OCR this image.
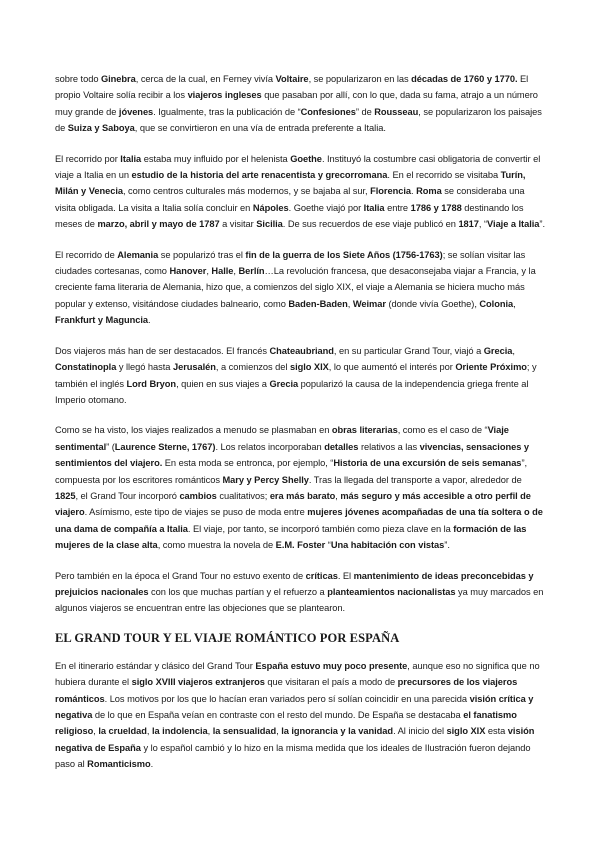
sobre todo Ginebra, cerca de la cual, en Ferney vivía Voltaire, se popularizaron en las décadas de 1760 y 1770. El propio Voltaire solía recibir a los viajeros ingleses que pasaban por allí, con lo que, dada su fama, atrajo a un número muy grande de jóvenes. Igualmente, tras la publicación de “Confesiones” de Rousseau, se popularizaron los paisajes de Suiza y Saboya, que se convirtieron en una vía de entrada preferente a Italia.

El recorrido por Italia estaba muy influido por el helenista Goethe. Instituyó la costumbre casi obligatoria de convertir el viaje a Italia en un estudio de la historia del arte renacentista y grecorromana. En el recorrido se visitaba Turín, Milán y Venecia, como centros culturales más modernos, y se bajaba al sur, Florencia. Roma se consideraba una visita obligada. La visita a Italia solía concluir en Nápoles. Goethe viajó por Italia entre 1786 y 1788 destinando los meses de marzo, abril y mayo de 1787 a visitar Sicilia. De sus recuerdos de ese viaje publicó en 1817, “Viaje a Italia”.

El recorrido de Alemania se popularizó tras el fin de la guerra de los Siete Años (1756-1763); se solían visitar las ciudades cortesanas, como Hanover, Halle, Berlín…La revolución francesa, que desaconsejaba viajar a Francia, y la creciente fama literaria de Alemania, hizo que, a comienzos del siglo XIX, el viaje a Alemania se hiciera mucho más popular y extenso, visitándose ciudades balneario, como Baden-Baden, Weimar (donde vivía Goethe), Colonia, Frankfurt y Maguncia.

Dos viajeros más han de ser destacados. El francés Chateaubriand, en su particular Grand Tour, viajó a Grecia, Constatinopla y llegó hasta Jerusalén, a comienzos del siglo XIX, lo que aumentó el interés por Oriente Próximo; y también el inglés Lord Bryon, quien en sus viajes a Grecia popularizó la causa de la independencia griega frente al Imperio otomano.

Como se ha visto, los viajes realizados a menudo se plasmaban en obras literarias, como es el caso de “Viaje sentimental” (Laurence Sterne, 1767). Los relatos incorporaban detalles relativos a las vivencias, sensaciones y sentimientos del viajero. En esta moda se entronca, por ejemplo, “Historia de una excursión de seis semanas”, compuesta por los escritores románticos Mary y Percy Shelly. Tras la llegada del transporte a vapor, alrededor de 1825, el Grand Tour incorporó cambios cualitativos; era más barato, más seguro y más accesible a otro perfil de viajero. Asímismo, este tipo de viajes se puso de moda entre mujeres jóvenes acompañadas de una tía soltera o de una dama de compañía a Italia. El viaje, por tanto, se incorporó también como pieza clave en la formación de las mujeres de la clase alta, como muestra la novela de E.M. Foster “Una habitación con vistas”.

Pero también en la época el Grand Tour no estuvo exento de críticas. El mantenimiento de ideas preconcebidas y prejuicios nacionales con los que muchas partían y el refuerzo a planteamientos nacionalistas ya muy marcados en algunos viajeros se encuentran entre las objeciones que se plantearon.

EL GRAND TOUR Y EL VIAJE ROMÁNTICO POR ESPAÑA

En el itinerario estándar y clásico del Grand Tour España estuvo muy poco presente, aunque eso no significa que no hubiera durante el siglo XVIII viajeros extranjeros que visitaran el país a modo de precursores de los viajeros románticos. Los motivos por los que lo hacían eran variados pero sí solían coincidir en una parecida visión crítica y negativa de lo que en España veían en contraste con el resto del mundo. De España se destacaba el fanatismo religioso, la crueldad, la indolencia, la sensualidad, la ignorancia y la vanidad. Al inicio del siglo XIX esta visión negativa de España y lo español cambió y lo hizo en la misma medida que los ideales de Ilustración fueron dejando paso al Romanticismo.
